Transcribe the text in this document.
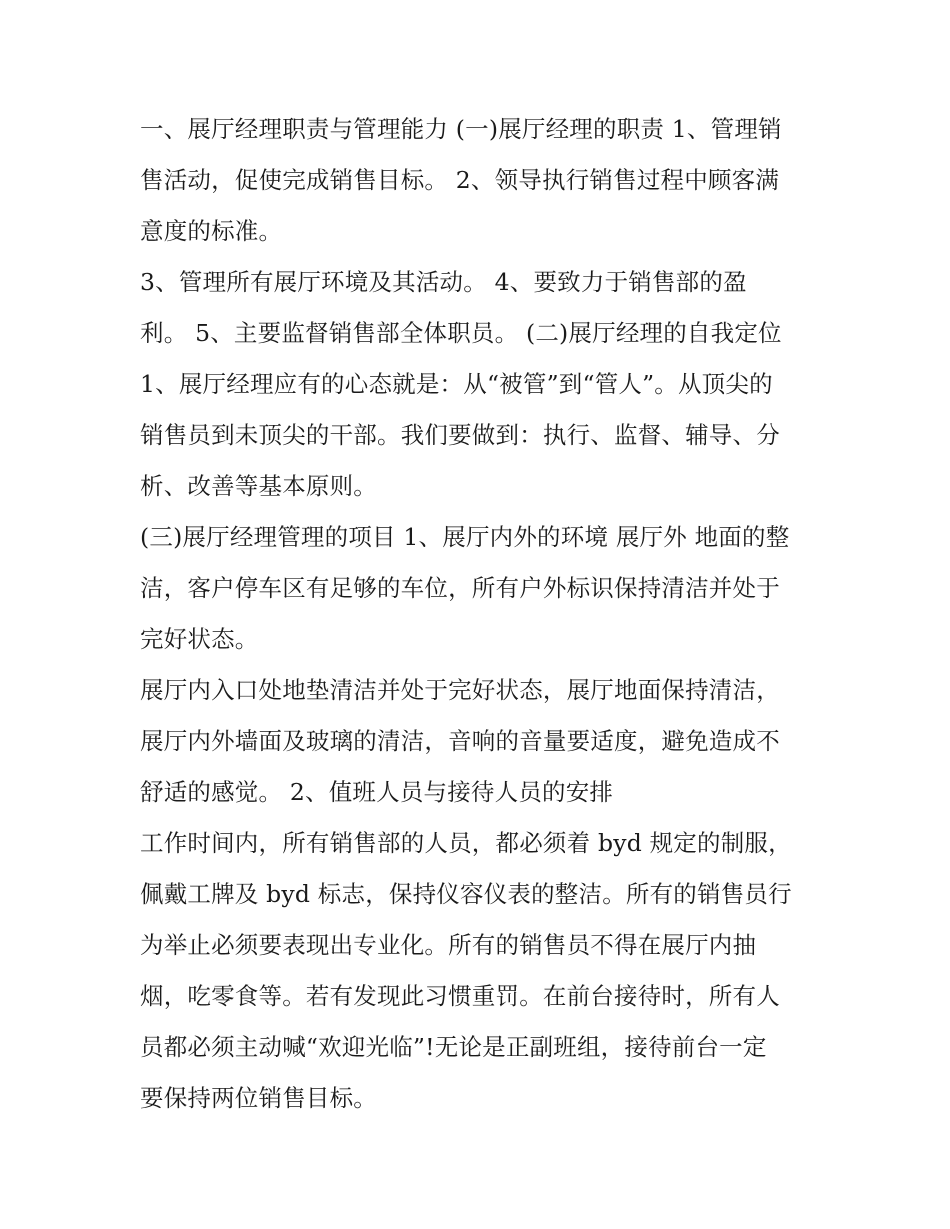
一、展厅经理职责与管理能力 (一)展厅经理的职责 1、管理销
售活动，促使完成销售目标。 2、领导执行销售过程中顾客满
意度的标准。
3、管理所有展厅环境及其活动。 4、要致力于销售部的盈
利。 5、主要监督销售部全体职员。 (二)展厅经理的自我定位
1、展厅经理应有的心态就是：从“被管”到“管人”。从顶尖的
销售员到未顶尖的干部。我们要做到：执行、监督、辅导、分
析、改善等基本原则。
(三)展厅经理管理的项目 1、展厅内外的环境 展厅外 地面的整
洁，客户停车区有足够的车位，所有户外标识保持清洁并处于
完好状态。
展厅内入口处地垫清洁并处于完好状态，展厅地面保持清洁，
展厅内外墙面及玻璃的清洁，音响的音量要适度，避免造成不
舒适的感觉。 2、值班人员与接待人员的安排
工作时间内，所有销售部的人员，都必须着 byd 规定的制服，
佩戴工牌及 byd 标志，保持仪容仪表的整洁。所有的销售员行
为举止必须要表现出专业化。所有的销售员不得在展厅内抽
烟，吃零食等。若有发现此习惯重罚。在前台接待时，所有人
员都必须主动喊“欢迎光临”!无论是正副班组，接待前台一定
要保持两位销售目标。
